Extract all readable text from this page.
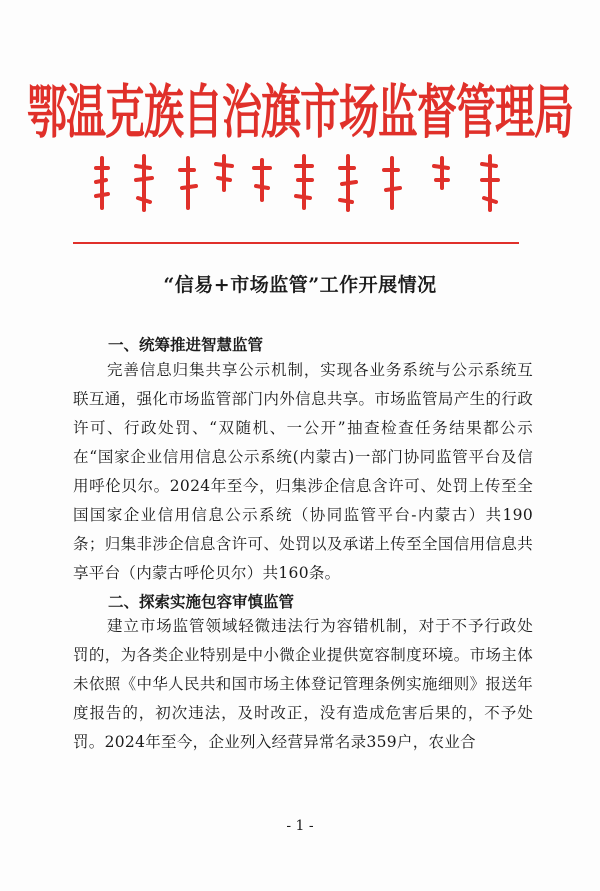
鄂温克族自治旗市场监督管理局
“信易+市场监管”工作开展情况
一、统筹推进智慧监管
完善信息归集共享公示机制，实现各业务系统与公示系统互联互通，强化市场监管部门内外信息共享。市场监管局产生的行政许可、行政处罚、“双随机、一公开”抽查检查任务结果都公示在“国家企业信用信息公示系统(内蒙古)一部门协同监管平台及信用呼伦贝尔。2024年至今，归集涉企信息含许可、处罚上传至全国国家企业信用信息公示系统（协同监管平台-内蒙古）共190条；归集非涉企信息含许可、处罚以及承诺上传至全国信用信息共享平台（内蒙古呼伦贝尔）共160条。
二、探索实施包容审慎监管
建立市场监管领域轻微违法行为容错机制，对于不予行政处罚的，为各类企业特别是中小微企业提供宽容制度环境。市场主体未依照《中华人民共和国市场主体登记管理条例实施细则》报送年度报告的，初次违法，及时改正，没有造成危害后果的，不予处罚。2024年至今，企业列入经营异常名录359户，农业合
- 1 -
